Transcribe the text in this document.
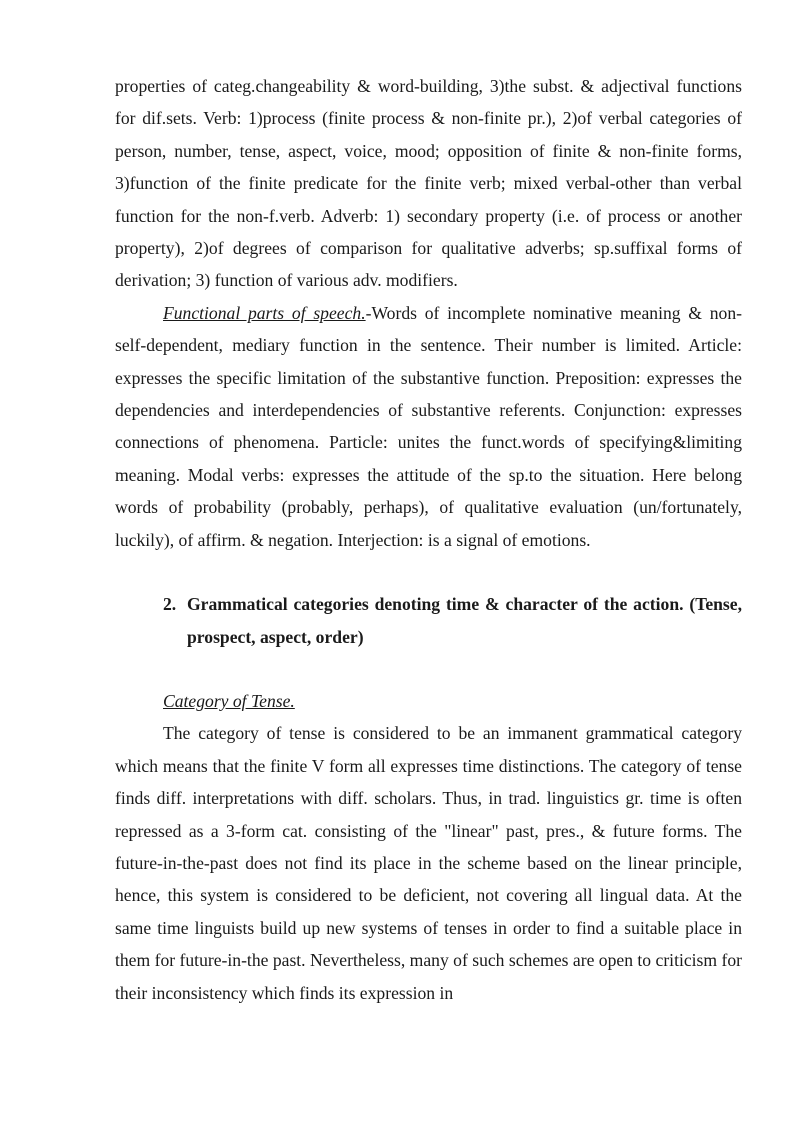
properties of categ.changeability & word-building, 3)the subst. & adjectival functions for dif.sets. Verb: 1)process (finite process & non-finite pr.), 2)of verbal categories of person, number, tense, aspect, voice, mood; opposition of finite & non-finite forms, 3)function of the finite predicate for the finite verb; mixed verbal-other than verbal function for the non-f.verb. Adverb: 1) secondary property (i.e. of process or another property), 2)of degrees of comparison for qualitative adverbs; sp.suffixal forms of derivation; 3) function of various adv. modifiers.

Functional parts of speech.-Words of incomplete nominative meaning & non-self-dependent, mediary function in the sentence. Their number is limited. Article: expresses the specific limitation of the substantive function. Preposition: expresses the dependencies and interdependencies of substantive referents. Conjunction: expresses connections of phenomena. Particle: unites the funct.words of specifying&limiting meaning. Modal verbs: expresses the attitude of the sp.to the situation. Here belong words of probability (probably, perhaps), of qualitative evaluation (un/fortunately, luckily), of affirm. & negation. Interjection: is a signal of emotions.

2. Grammatical categories denoting time & character of the action. (Tense, prospect, aspect, order)

Category of Tense.

The category of tense is considered to be an immanent grammatical category which means that the finite V form all expresses time distinctions. The category of tense finds diff. interpretations with diff. scholars. Thus, in trad. linguistics gr. time is often repressed as a 3-form cat. consisting of the "linear" past, pres., & future forms. The future-in-the-past does not find its place in the scheme based on the linear principle, hence, this system is considered to be deficient, not covering all lingual data. At the same time linguists build up new systems of tenses in order to find a suitable place in them for future-in-the past. Nevertheless, many of such schemes are open to criticism for their inconsistency which finds its expression in
